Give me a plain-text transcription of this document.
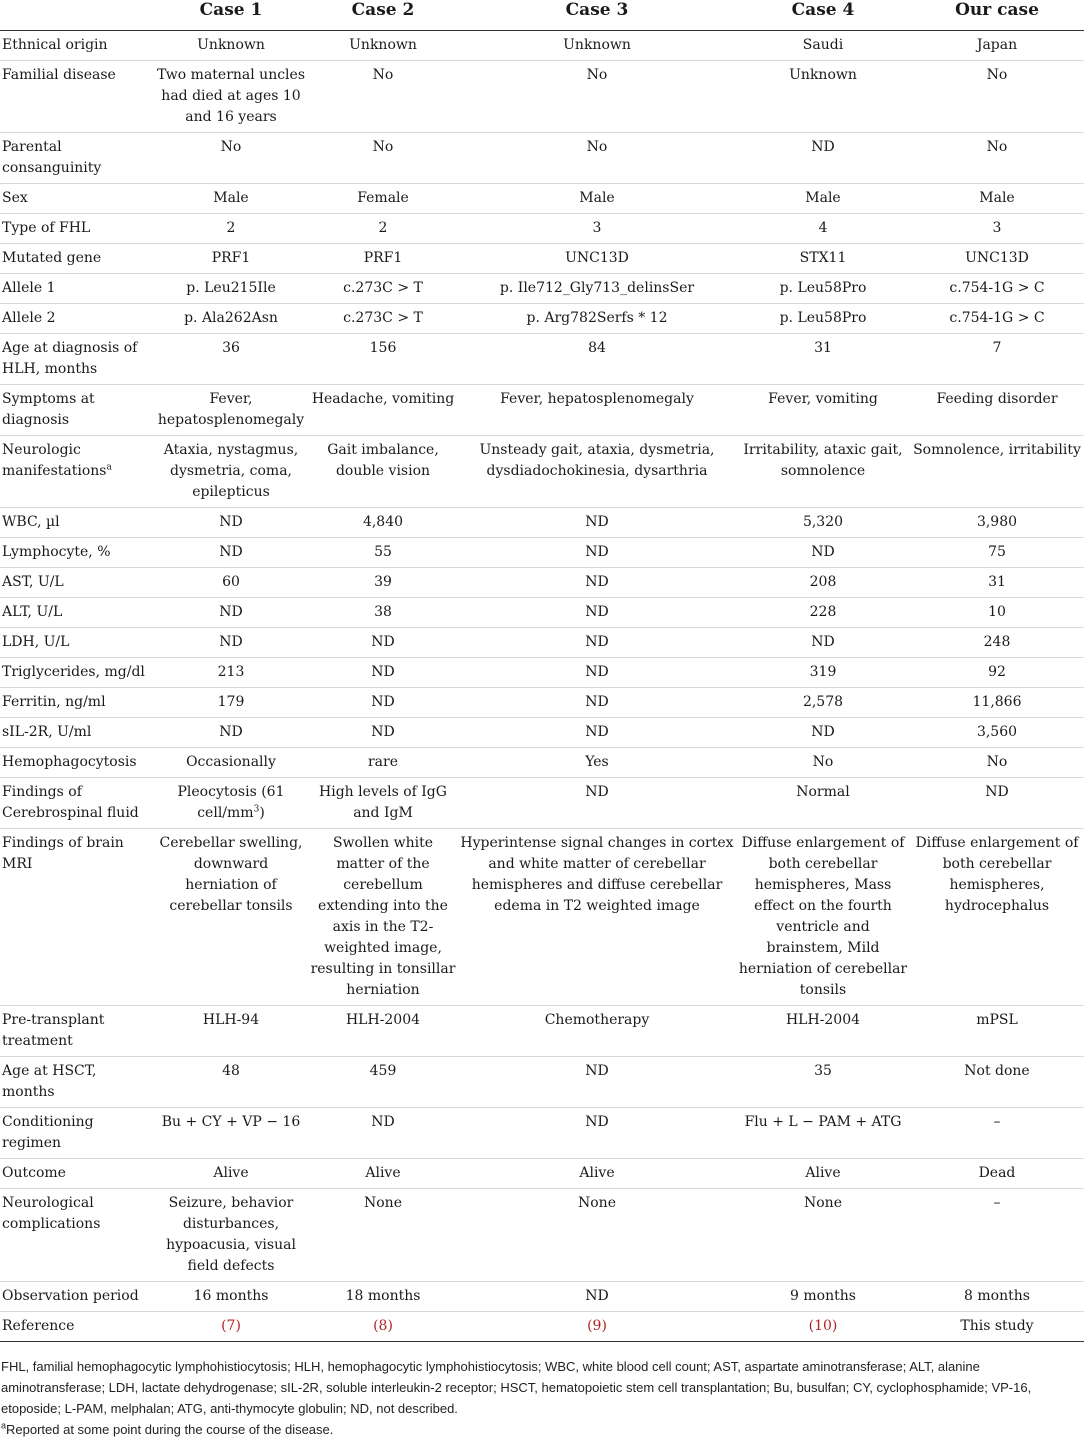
	Case 1	Case 2	Case 3	Case 4	Our case
Ethnical origin	Unknown	Unknown	Unknown	Saudi	Japan
Familial disease	Two maternal uncles had died at ages 10 and 16 years	No	No	Unknown	No
Parental consanguinity	No	No	No	ND	No
Sex	Male	Female	Male	Male	Male
Type of FHL	2	2	3	4	3
Mutated gene	PRF1	PRF1	UNC13D	STX11	UNC13D
Allele 1	p. Leu215Ile	c.273C > T	p. Ile712_Gly713_delinsSer	p. Leu58Pro	c.754-1G > C
Allele 2	p. Ala262Asn	c.273C > T	p. Arg782Serfs * 12	p. Leu58Pro	c.754-1G > C
Age at diagnosis of HLH, months	36	156	84	31	7
Symptoms at diagnosis	Fever, hepatosplenomegaly	Headache, vomiting	Fever, hepatosplenomegaly	Fever, vomiting	Feeding disorder
Neurologic manifestations$^a$	Ataxia, nystagmus, dysmetria, coma, epilepticus	Gait imbalance, double vision	Unsteady gait, ataxia, dysmetria, dysdiadochokinesia, dysarthria	Irritability, ataxic gait, somnolence	Somnolence, irritability
WBC, µl	ND	4,840	ND	5,320	3,980
Lymphocyte, %	ND	55	ND	ND	75
AST, U/L	60	39	ND	208	31
ALT, U/L	ND	38	ND	228	10
LDH, U/L	ND	ND	ND	ND	248
Triglycerides, mg/dl	213	ND	ND	319	92
Ferritin, ng/ml	179	ND	ND	2,578	11,866
sIL-2R, U/ml	ND	ND	ND	ND	3,560
Hemophagocytosis	Occasionally	rare	Yes	No	No
Findings of Cerebrospinal fluid	Pleocytosis (61 cell/$mm^3$)	High levels of IgG and IgM	ND	Normal	ND
Findings of brain MRI	Cerebellar swelling, downward herniation of cerebellar tonsils	Swollen white matter of the cerebellum extending into the axis in the T2-weighted image, resulting in tonsillar herniation	Hyperintense signal changes in cortex and white matter of cerebellar hemispheres and diffuse cerebellar edema in T2 weighted image	Diffuse enlargement of both cerebellar hemispheres, Mass effect on the fourth ventricle and brainstem, Mild herniation of cerebellar tonsils	Diffuse enlargement of both cerebellar hemispheres, hydrocephalus
Pre-transplant treatment	HLH-94	HLH-2004	Chemotherapy	HLH-2004	mPSL
Age at HSCT, months	48	459	ND	35	Not done
Conditioning regimen	Bu + CY + VP − 16	ND	ND	Flu + L − PAM + ATG	–
Outcome	Alive	Alive	Alive	Alive	Dead
Neurological complications	Seizure, behavior disturbances, hypoacusia, visual field defects	None	None	None	–
Observation period	16 months	18 months	ND	9 months	8 months
Reference	(7)	(8)	(9)	(10)	This study
FHL, familial hemophagocytic lymphohistiocytosis; HLH, hemophagocytic lymphohistiocytosis; WBC, white blood cell count; AST, aspartate aminotransferase; ALT, alanine aminotransferase; LDH, lactate dehydrogenase; sIL-2R, soluble interleukin-2 receptor; HSCT, hematopoietic stem cell transplantation; Bu, busulfan; CY, cyclophosphamide; VP-16, etoposide; L-PAM, melphalan; ATG, anti-thymocyte globulin; ND, not described.
$^a$Reported at some point during the course of the disease.
